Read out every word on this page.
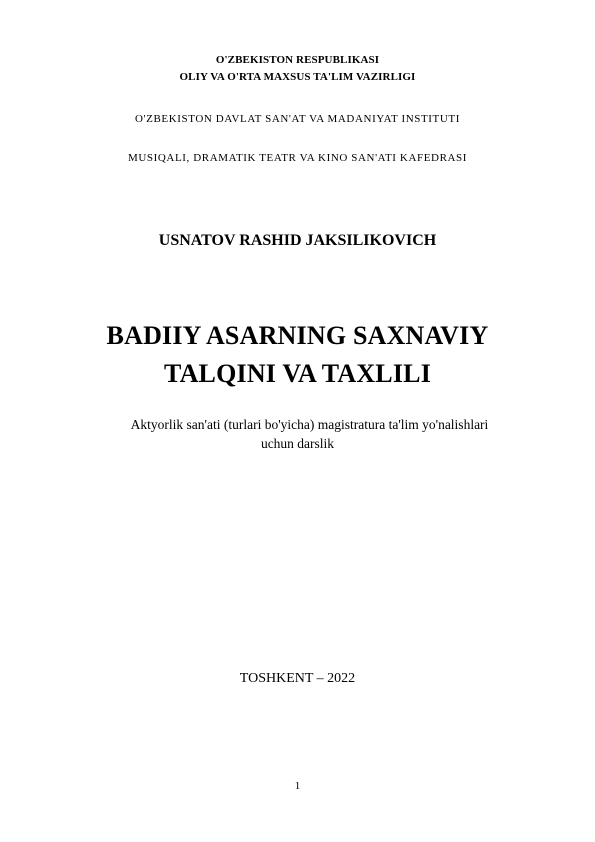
O'ZBEKISTON RESPUBLIKASI
OLIY VA O'RTA MAXSUS TA'LIM VAZIRLIGI
O'ZBEKISTON DAVLAT SAN'AT VA MADANIYAT INSTITUTI
MUSIQALI, DRAMATIK TEATR VA KINO SAN'ATI KAFEDRASI
USNATOV RASHID JAKSILIKOVICH
BADIIY ASARNING SAXNAVIY
TALQINI VA TAXLILI
Aktyorlik san'ati (turlari bo'yicha) magistratura ta'lim yo'nalishlari
uchun darslik
TOSHKENT – 2022
1
